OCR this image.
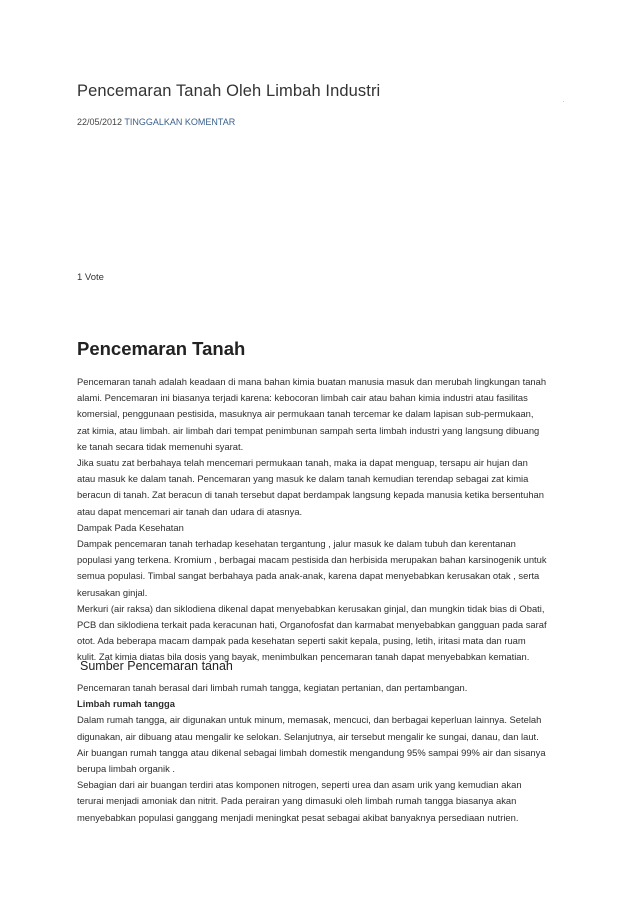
Pencemaran Tanah Oleh Limbah Industri
22/05/2012 TINGGALKAN KOMENTAR
1 Vote
Pencemaran Tanah

Pencemaran tanah adalah keadaan di mana bahan kimia buatan manusia masuk dan merubah lingkungan tanah

alami. Pencemaran ini biasanya terjadi karena: kebocoran limbah cair atau bahan kimia industri atau fasilitas

komersial, penggunaan pestisida, masuknya air permukaan tanah tercemar ke dalam lapisan sub-permukaan,

zat kimia, atau limbah. air limbah dari tempat penimbunan sampah serta limbah industri yang langsung dibuang

ke tanah secara tidak memenuhi syarat.

Jika suatu zat berbahaya telah mencemari permukaan tanah, maka ia dapat menguap, tersapu air hujan dan

atau masuk ke dalam tanah. Pencemaran yang masuk ke dalam tanah kemudian terendap sebagai zat kimia

beracun di tanah. Zat beracun di tanah tersebut dapat berdampak langsung kepada manusia ketika bersentuhan

atau dapat mencemari air tanah dan udara di atasnya.

Dampak Pada Kesehatan

Dampak pencemaran tanah terhadap kesehatan tergantung , jalur masuk ke dalam tubuh dan kerentanan

populasi yang terkena. Kromium , berbagai macam pestisida dan herbisida merupakan bahan karsinogenik untuk

semua populasi. Timbal sangat berbahaya pada anak-anak, karena dapat menyebabkan kerusakan otak , serta

kerusakan ginjal.

Merkuri (air raksa) dan siklodiena dikenal dapat menyebabkan kerusakan ginjal, dan mungkin tidak bias di Obati,

PCB dan siklodiena terkait pada keracunan hati, Organofosfat dan karmabat menyebabkan gangguan pada saraf

otot. Ada beberapa macam dampak pada kesehatan seperti sakit kepala, pusing, letih, iritasi mata dan ruam

kulit. Zat kimia diatas bila dosis yang bayak, menimbulkan pencemaran tanah dapat menyebabkan kematian.

Sumber Pencemaran tanah

Pencemaran tanah berasal dari limbah rumah tangga, kegiatan pertanian, dan pertambangan.

Limbah rumah tangga

Dalam rumah tangga, air digunakan untuk minum, memasak, mencuci, dan berbagai keperluan lainnya. Setelah

digunakan, air dibuang atau mengalir ke selokan. Selanjutnya, air tersebut mengalir ke sungai, danau, dan laut.

Air buangan rumah tangga atau dikenal sebagai limbah domestik mengandung 95% sampai 99% air dan sisanya

berupa limbah organik .

Sebagian dari air buangan terdiri atas komponen nitrogen, seperti urea dan asam urik yang kemudian akan

terurai menjadi amoniak dan nitrit. Pada perairan yang dimasuki oleh limbah rumah tangga biasanya akan

menyebabkan populasi ganggang menjadi meningkat pesat sebagai akibat banyaknya persediaan nutrien.
